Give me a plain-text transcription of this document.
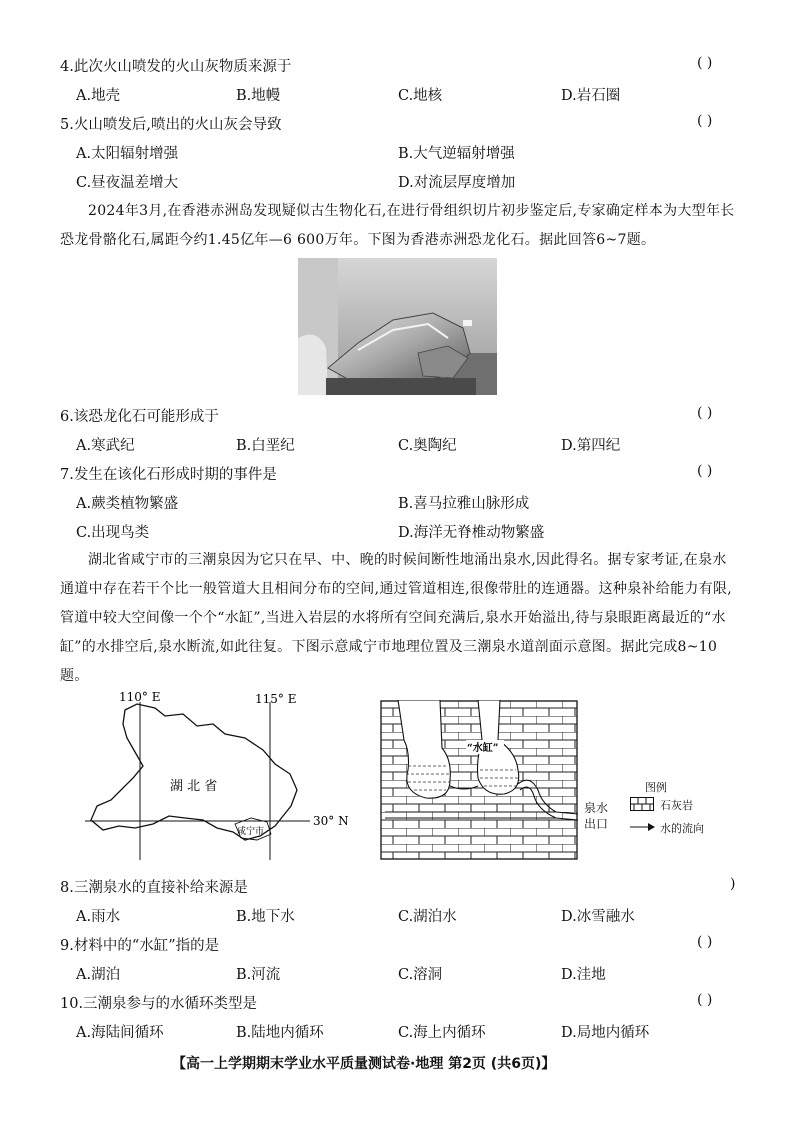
4.此次火山喷发的火山灰物质来源于	( )
A.地壳	B.地幔	C.地核	D.岩石圈
5.火山喷发后,喷出的火山灰会导致	( )
A.太阳辐射增强	B.大气逆辐射增强
C.昼夜温差增大	D.对流层厚度增加
2024年3月,在香港赤洲岛发现疑似古生物化石,在进行骨组织切片初步鉴定后,专家确定样本为大型年长恐龙骨骼化石,属距今约1.45亿年—6 600万年。下图为香港赤洲恐龙化石。据此回答6~7题。
6.该恐龙化石可能形成于	( )
A.寒武纪	B.白垩纪	C.奥陶纪	D.第四纪
7.发生在该化石形成时期的事件是	( )
A.蕨类植物繁盛	B.喜马拉雅山脉形成
C.出现鸟类	D.海洋无脊椎动物繁盛
湖北省咸宁市的三潮泉因为它只在早、中、晚的时候间断性地涌出泉水,因此得名。据专家考证,在泉水通道中存在若干个比一般管道大且相间分布的空间,通过管道相连,很像带肚的连通器。这种泉补给能力有限,管道中较大空间像一个个“水缸”,当进入岩层的水将所有空间充满后,泉水开始溢出,待与泉眼距离最近的“水缸”的水排空后,泉水断流,如此往复。下图示意咸宁市地理位置及三潮泉水道剖面示意图。据此完成8~10题。
110° E	115° E
30° N
湖 北 省
咸宁市
“水缸”
泉水出口
图例
石灰岩
水的流向
8.三潮泉水的直接补给来源是	)
A.雨水	B.地下水	C.湖泊水	D.冰雪融水
9.材料中的“水缸”指的是	( )
A.湖泊	B.河流	C.溶洞	D.洼地
10.三潮泉参与的水循环类型是	( )
A.海陆间循环	B.陆地内循环	C.海上内循环	D.局地内循环
【高一上学期期末学业水平质量测试卷·地理 第2页 (共6页)】
